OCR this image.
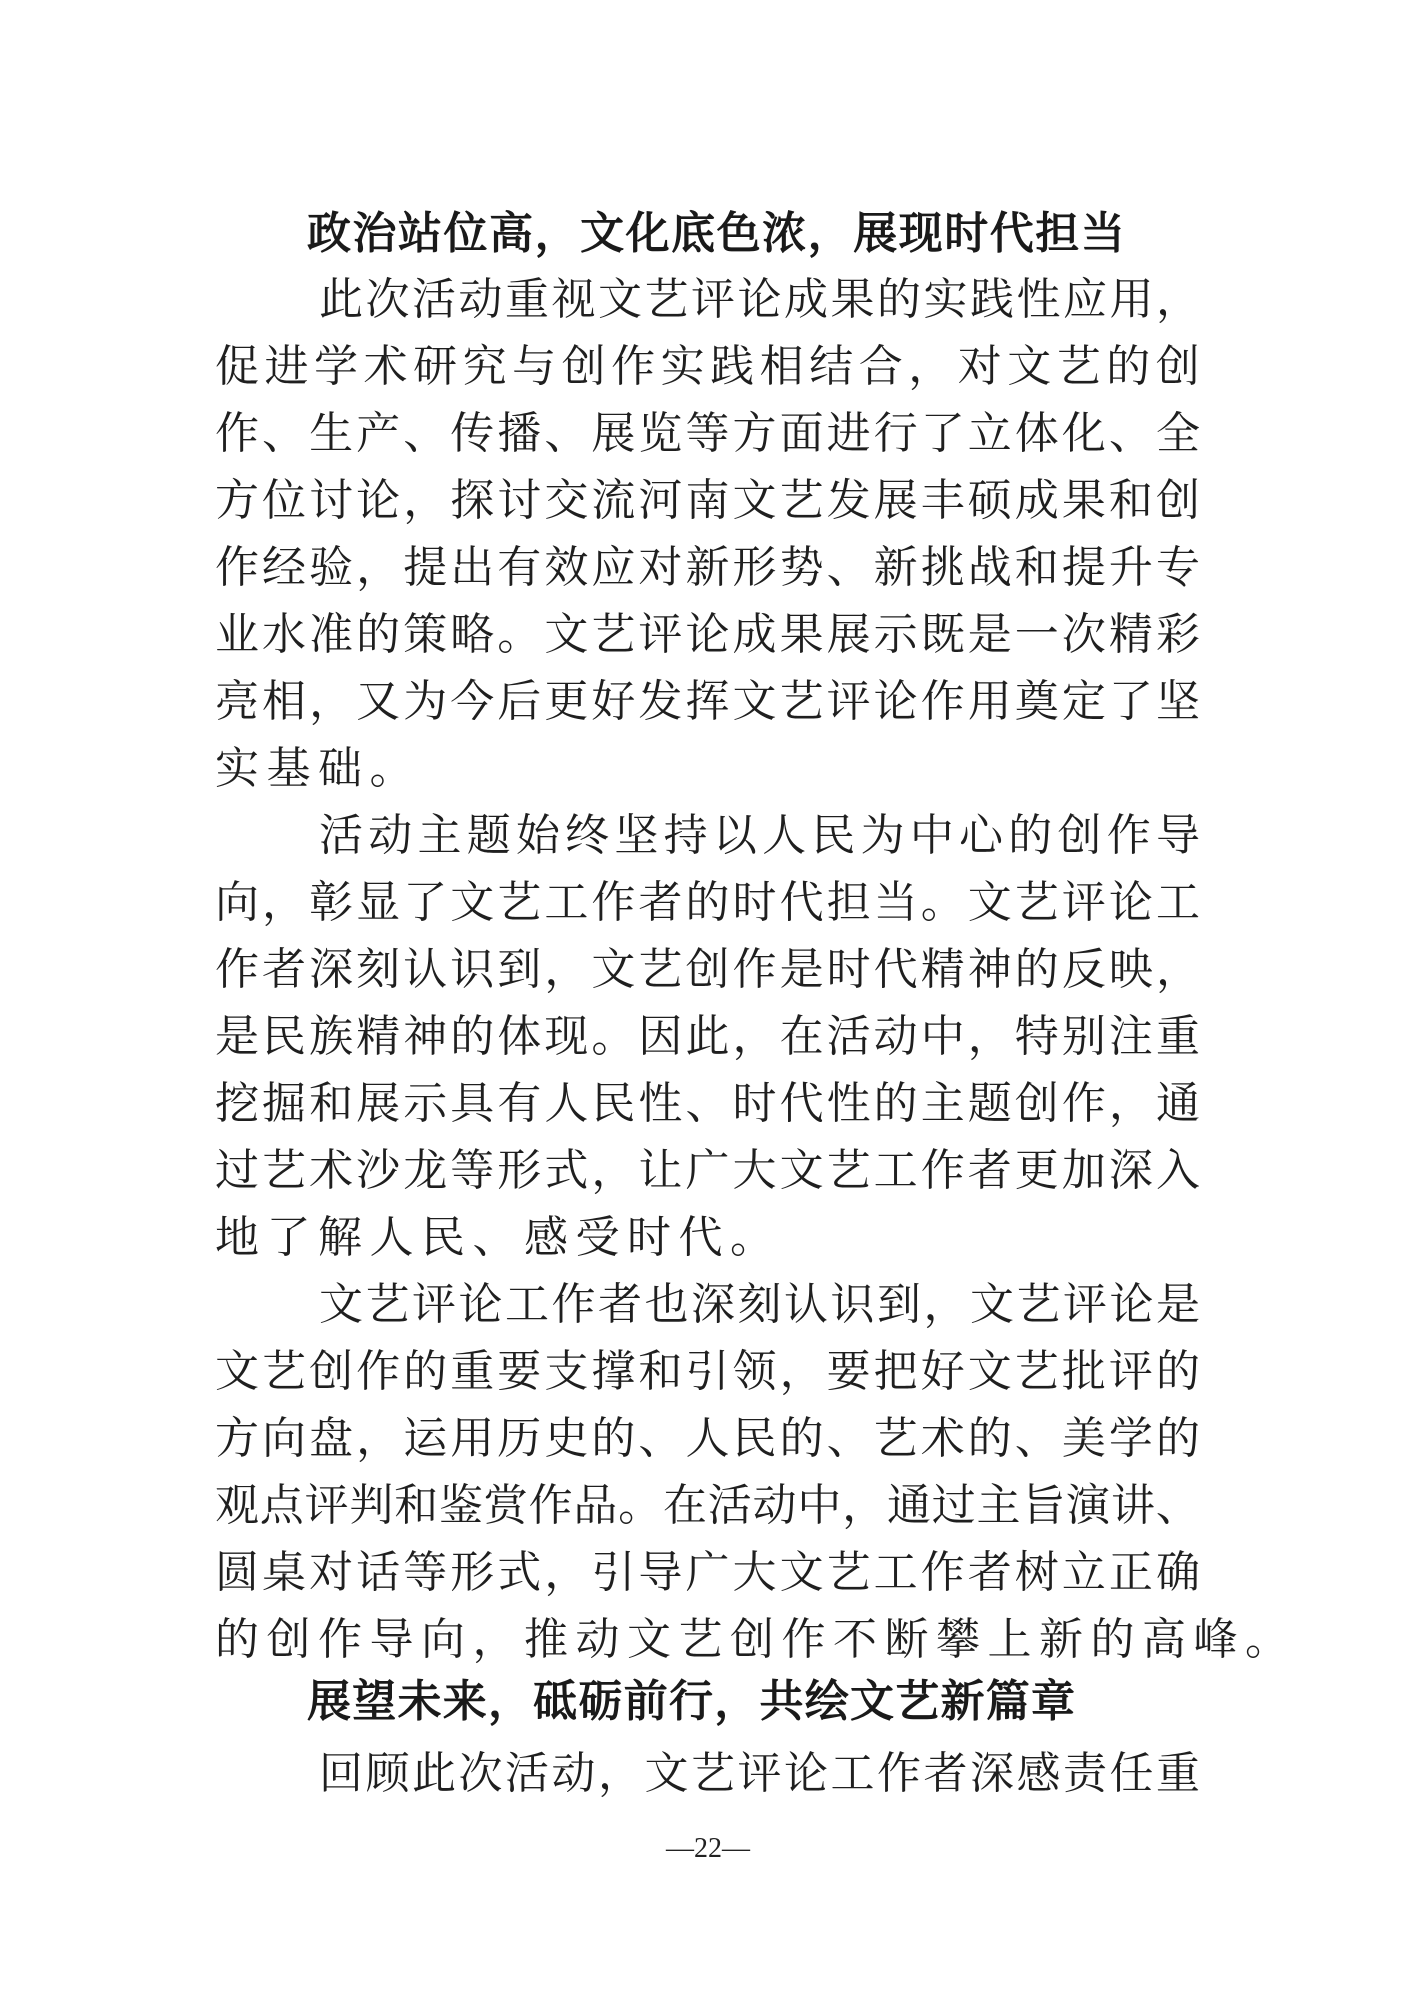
政 治 站 位 高 ， 文 化 底 色 浓 ， 展 现 时 代 担 当
此 次 活 动 重 视 文 艺 评 论 成 果 的 实 践 性 应 用 ，
促 进 学 术 研 究 与 创 作 实 践 相 结 合 ， 对 文 艺 的 创
作 、 生 产 、 传 播 、 展 览 等 方 面 进 行 了 立 体 化 、 全
方 位 讨 论 ， 探 讨 交 流 河 南 文 艺 发 展 丰 硕 成 果 和 创
作 经 验 ， 提 出 有 效 应 对 新 形 势 、 新 挑 战 和 提 升 专
业 水 准 的 策 略 。 文 艺 评 论 成 果 展 示 既 是 一 次 精 彩
亮 相 ， 又 为 今 后 更 好 发 挥 文 艺 评 论 作 用 奠 定 了 坚
实基础。
活 动 主 题 始 终 坚 持 以 人 民 为 中 心 的 创 作 导
向 ， 彰 显 了 文 艺 工 作 者 的 时 代 担 当 。 文 艺 评 论 工
作 者 深 刻 认 识 到 ， 文 艺 创 作 是 时 代 精 神 的 反 映 ，
是 民 族 精 神 的 体 现 。 因 此 ， 在 活 动 中 ， 特 别 注 重
挖 掘 和 展 示 具 有 人 民 性 、 时 代 性 的 主 题 创 作 ， 通
过 艺 术 沙 龙 等 形 式 ， 让 广 大 文 艺 工 作 者 更 加 深 入
地了解人民、感受时代。
文 艺 评 论 工 作 者 也 深 刻 认 识 到 ， 文 艺 评 论 是
文 艺 创 作 的 重 要 支 撑 和 引 领 ， 要 把 好 文 艺 批 评 的
方 向 盘 ， 运 用 历 史 的 、 人 民 的 、 艺 术 的 、 美 学 的
观 点 评 判 和 鉴 赏 作 品 。 在 活 动 中 ， 通 过 主 旨 演 讲 、
圆 桌 对 话 等 形 式 ， 引 导 广 大 文 艺 工 作 者 树 立 正 确
的创作导向，推动文艺创作不断攀上新的高峰。
展 望 未 来 ， 砥 砺 前 行 ， 共 绘 文 艺 新 篇 章
回 顾 此 次 活 动 ， 文 艺 评 论 工 作 者 深 感 责 任 重
—22—
